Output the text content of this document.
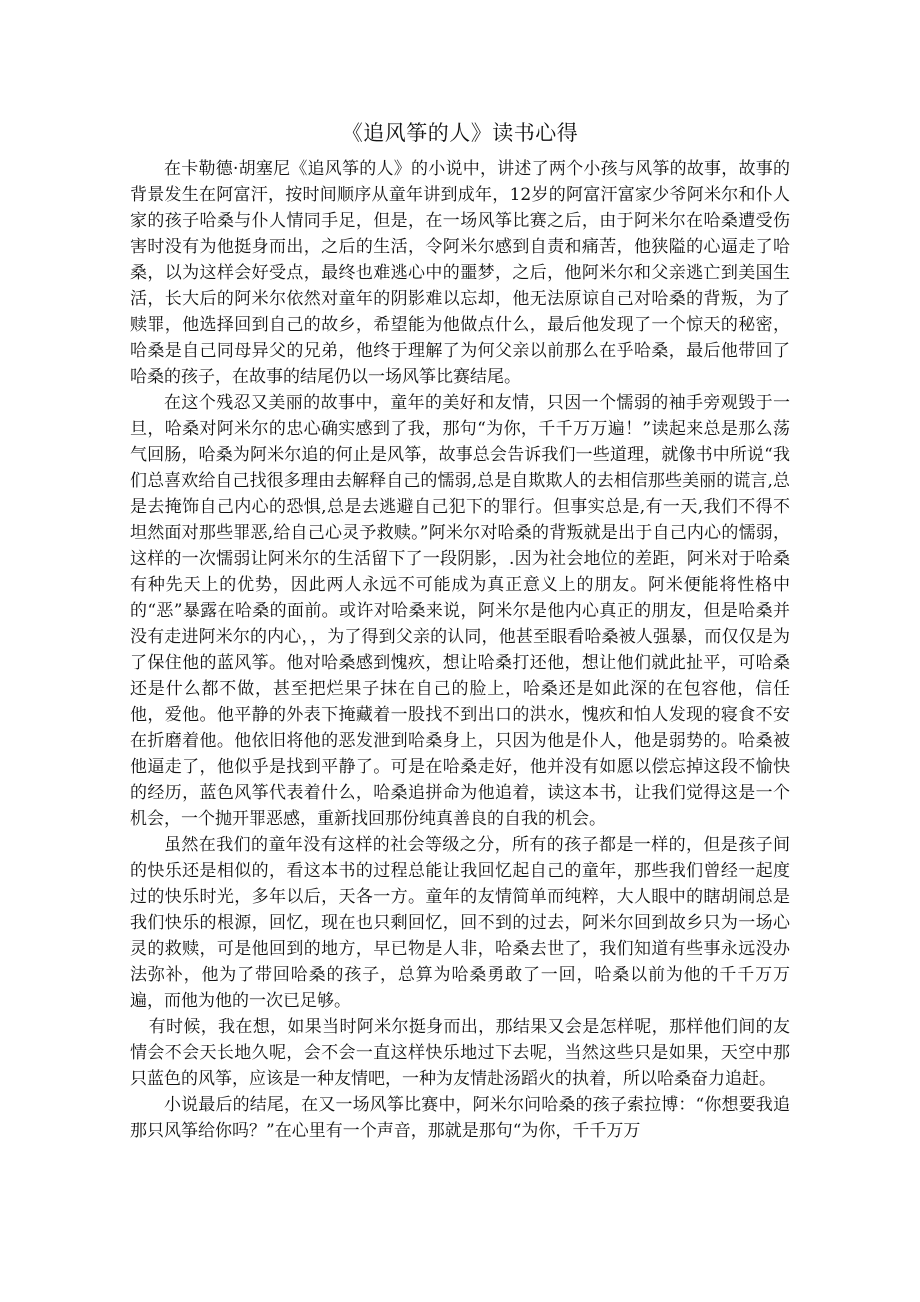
《追风筝的人》读书心得

在卡勒德·胡塞尼《追风筝的人》的小说中，讲述了两个小孩与风筝的故事，故事的背景发生在阿富汗，按时间顺序从童年讲到成年，12岁的阿富汗富家少爷阿米尔和仆人家的孩子哈桑与仆人情同手足，但是，在一场风筝比赛之后，由于阿米尔在哈桑遭受伤害时没有为他挺身而出，之后的生活，令阿米尔感到自责和痛苦，他狭隘的心逼走了哈桑，以为这样会好受点，最终也难逃心中的噩梦，之后，他阿米尔和父亲逃亡到美国生活，长大后的阿米尔依然对童年的阴影难以忘却，他无法原谅自己对哈桑的背叛，为了赎罪，他选择回到自己的故乡，希望能为他做点什么，最后他发现了一个惊天的秘密，哈桑是自己同母异父的兄弟，他终于理解了为何父亲以前那么在乎哈桑，最后他带回了哈桑的孩子，在故事的结尾仍以一场风筝比赛结尾。

在这个残忍又美丽的故事中，童年的美好和友情，只因一个懦弱的袖手旁观毁于一旦，哈桑对阿米尔的忠心确实感到了我，那句“为你，千千万万遍！”读起来总是那么荡气回肠，哈桑为阿米尔追的何止是风筝，故事总会告诉我们一些道理，就像书中所说“我们总喜欢给自己找很多理由去解释自己的懦弱,总是自欺欺人的去相信那些美丽的谎言,总是去掩饰自己内心的恐惧,总是去逃避自己犯下的罪行。但事实总是,有一天,我们不得不坦然面对那些罪恶,给自己心灵予救赎。”阿米尔对哈桑的背叛就是出于自己内心的懦弱，这样的一次懦弱让阿米尔的生活留下了一段阴影，.因为社会地位的差距，阿米对于哈桑有种先天上的优势，因此两人永远不可能成为真正意义上的朋友。阿米便能将性格中的“恶”暴露在哈桑的面前。或许对哈桑来说，阿米尔是他内心真正的朋友，但是哈桑并没有走进阿米尔的内心，，为了得到父亲的认同，他甚至眼看哈桑被人强暴，而仅仅是为了保住他的蓝风筝。他对哈桑感到愧疚，想让哈桑打还他，想让他们就此扯平，可哈桑还是什么都不做，甚至把烂果子抹在自己的脸上，哈桑还是如此深的在包容他，信任他，爱他。他平静的外表下掩藏着一股找不到出口的洪水，愧疚和怕人发现的寝食不安在折磨着他。他依旧将他的恶发泄到哈桑身上，只因为他是仆人，他是弱势的。哈桑被他逼走了，他似乎是找到平静了。可是在哈桑走好，他并没有如愿以偿忘掉这段不愉快的经历，蓝色风筝代表着什么，哈桑追拼命为他追着，读这本书，让我们觉得这是一个机会，一个抛开罪恶感，重新找回那份纯真善良的自我的机会。

虽然在我们的童年没有这样的社会等级之分，所有的孩子都是一样的，但是孩子间的快乐还是相似的，看这本书的过程总能让我回忆起自己的童年，那些我们曾经一起度过的快乐时光，多年以后，天各一方。童年的友情简单而纯粹，大人眼中的瞎胡闹总是我们快乐的根源，回忆，现在也只剩回忆，回不到的过去，阿米尔回到故乡只为一场心灵的救赎，可是他回到的地方，早已物是人非，哈桑去世了，我们知道有些事永远没办法弥补，他为了带回哈桑的孩子，总算为哈桑勇敢了一回，哈桑以前为他的千千万万遍，而他为他的一次已足够。

有时候，我在想，如果当时阿米尔挺身而出，那结果又会是怎样呢，那样他们间的友情会不会天长地久呢，会不会一直这样快乐地过下去呢，当然这些只是如果，天空中那只蓝色的风筝，应该是一种友情吧，一种为友情赴汤蹈火的执着，所以哈桑奋力追赶。

小说最后的结尾，在又一场风筝比赛中，阿米尔问哈桑的孩子索拉博：“你想要我追那只风筝给你吗？”在心里有一个声音，那就是那句“为你，千千万万
